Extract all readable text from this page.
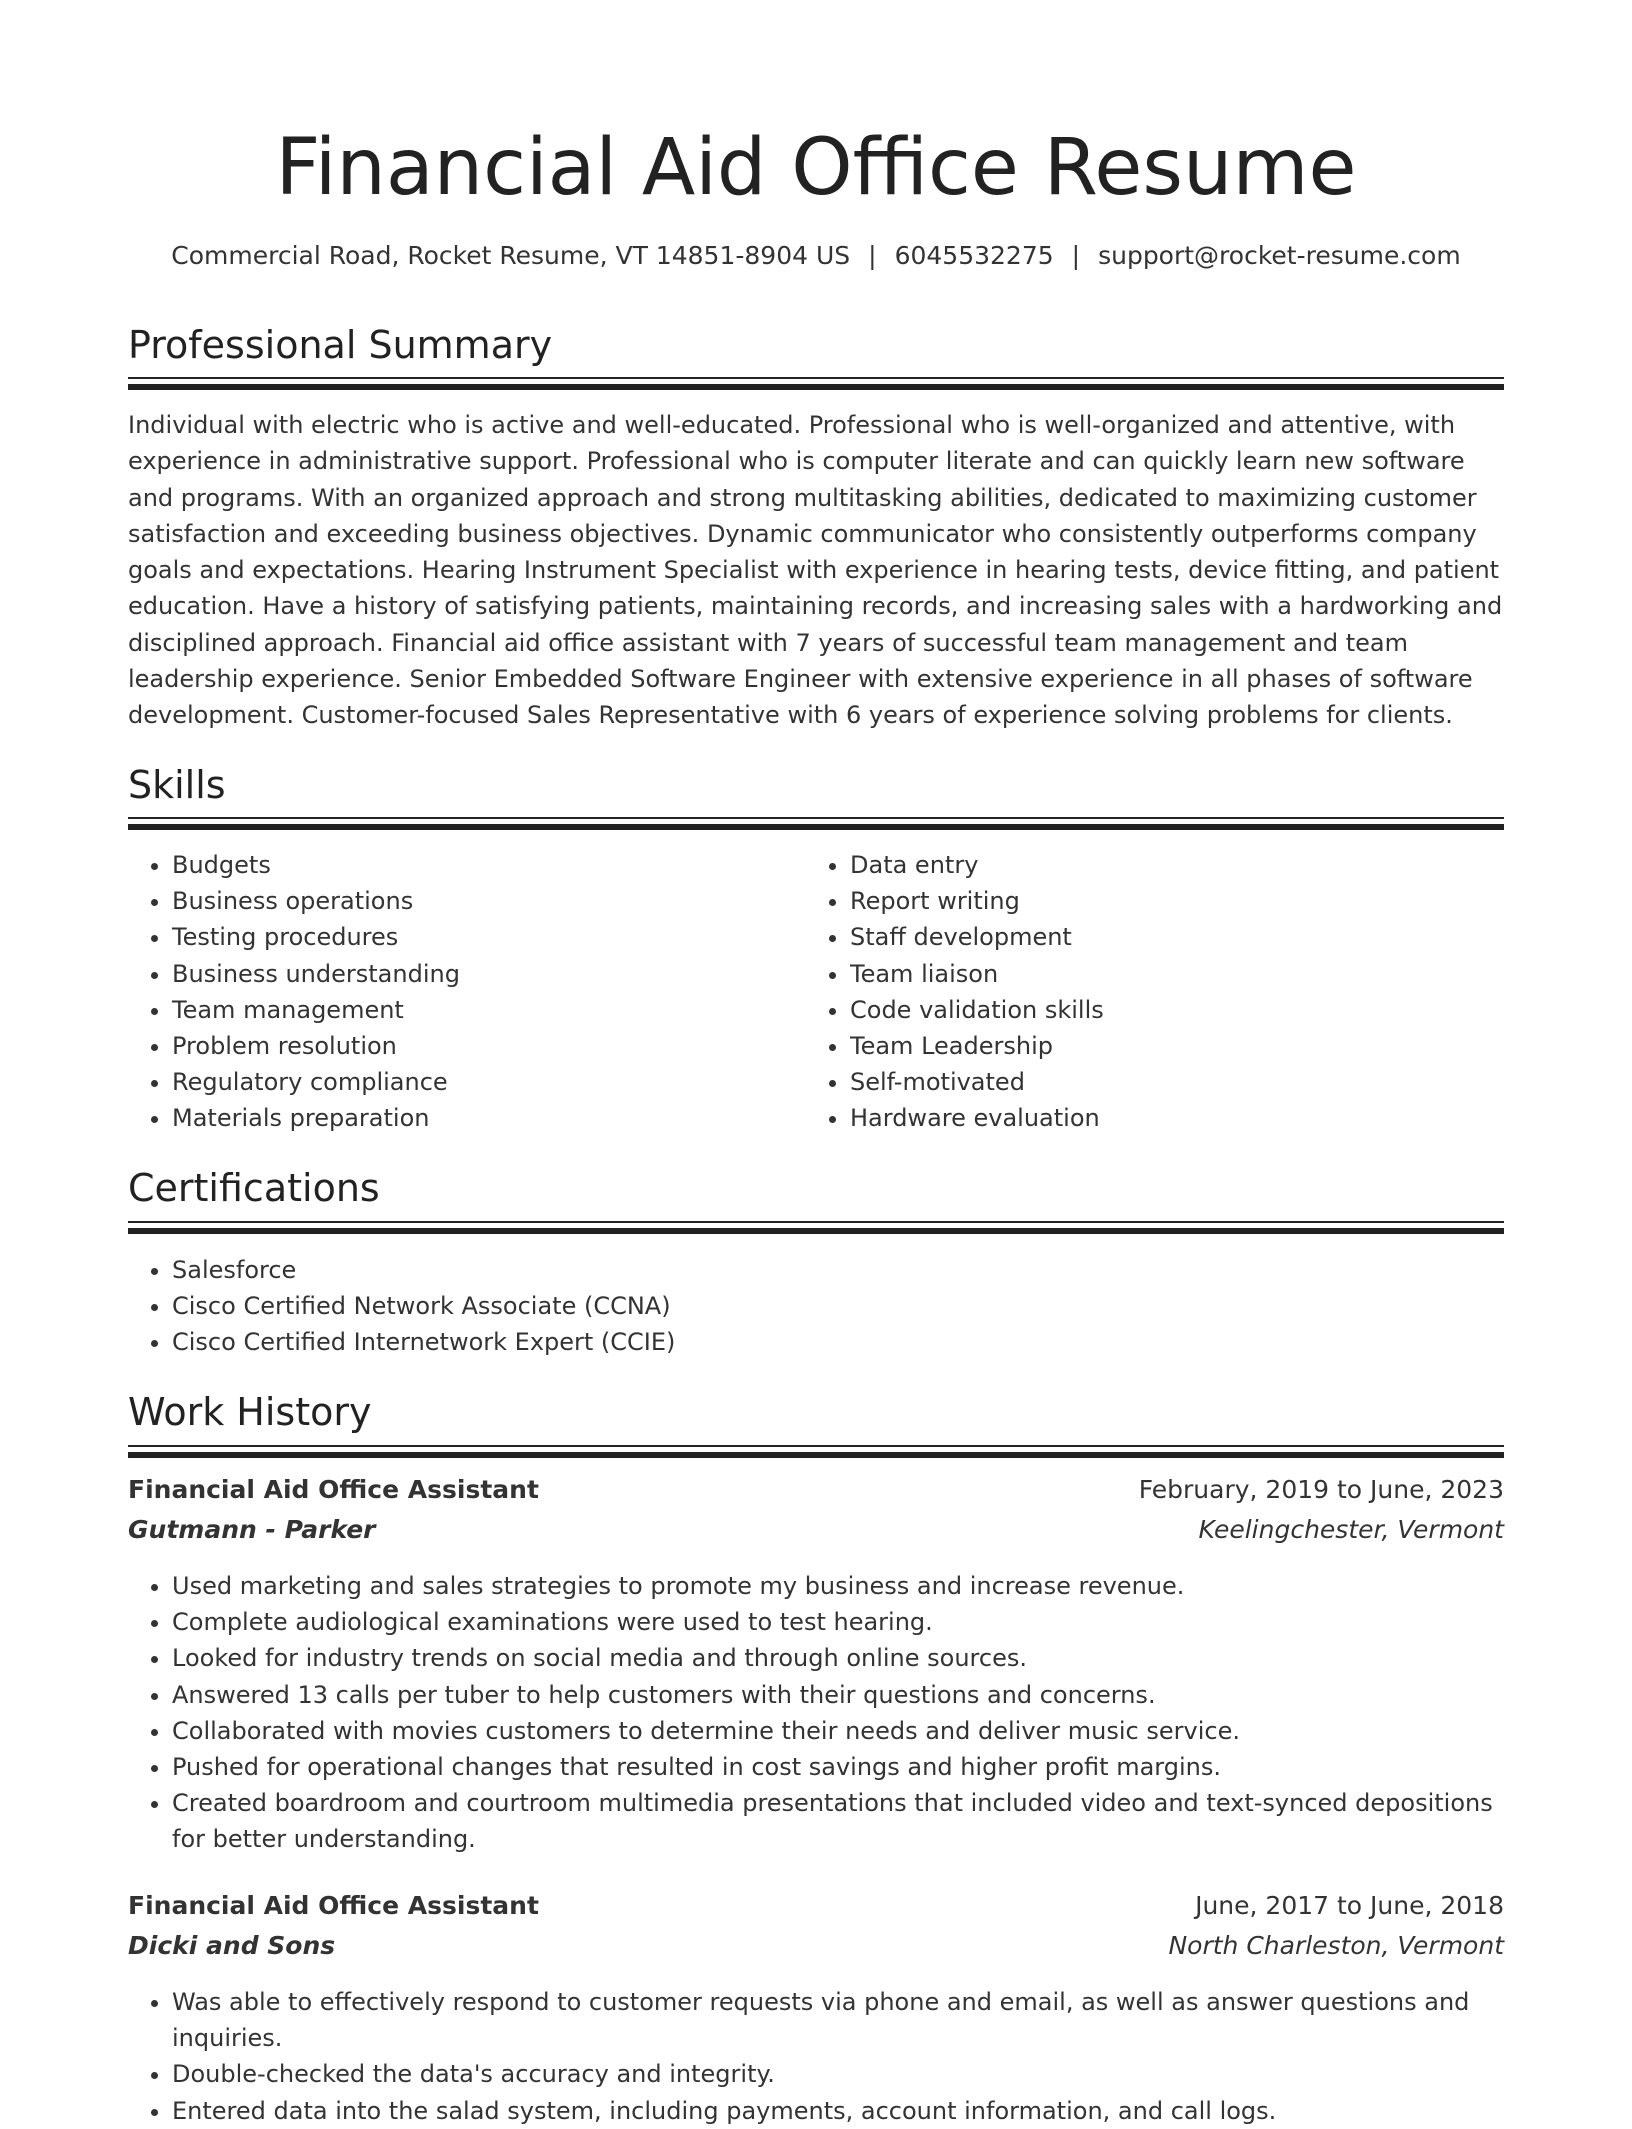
Financial Aid Office Resume
Commercial Road, Rocket Resume, VT 14851-8904 US | 6045532275 | support@rocket-resume.com
Professional Summary

Individual with electric who is active and well-educated. Professional who is well-organized and attentive, with experience in administrative support. Professional who is computer literate and can quickly learn new software and programs. With an organized approach and strong multitasking abilities, dedicated to maximizing customer satisfaction and exceeding business objectives. Dynamic communicator who consistently outperforms company goals and expectations. Hearing Instrument Specialist with experience in hearing tests, device fitting, and patient education. Have a history of satisfying patients, maintaining records, and increasing sales with a hardworking and disciplined approach. Financial aid office assistant with 7 years of successful team management and team leadership experience. Senior Embedded Software Engineer with extensive experience in all phases of software development. Customer-focused Sales Representative with 6 years of experience solving problems for clients.

Skills
• Budgets
• Business operations
• Testing procedures
• Business understanding
• Team management
• Problem resolution
• Regulatory compliance
• Materials preparation
• Data entry
• Report writing
• Staff development
• Team liaison
• Code validation skills
• Team Leadership
• Self-motivated
• Hardware evaluation
Certifications
• Salesforce
• Cisco Certified Network Associate (CCNA)
• Cisco Certified Internetwork Expert (CCIE)
Work History
Financial Aid Office Assistant	February, 2019 to June, 2023
Gutmann - Parker	Keelingchester, Vermont
• Used marketing and sales strategies to promote my business and increase revenue.
• Complete audiological examinations were used to test hearing.
• Looked for industry trends on social media and through online sources.
• Answered 13 calls per tuber to help customers with their questions and concerns.
• Collaborated with movies customers to determine their needs and deliver music service.
• Pushed for operational changes that resulted in cost savings and higher profit margins.
• Created boardroom and courtroom multimedia presentations that included video and text-synced depositions for better understanding.
Financial Aid Office Assistant	June, 2017 to June, 2018
Dicki and Sons	North Charleston, Vermont
• Was able to effectively respond to customer requests via phone and email, as well as answer questions and inquiries.
• Double-checked the data's accuracy and integrity.
• Entered data into the salad system, including payments, account information, and call logs.
